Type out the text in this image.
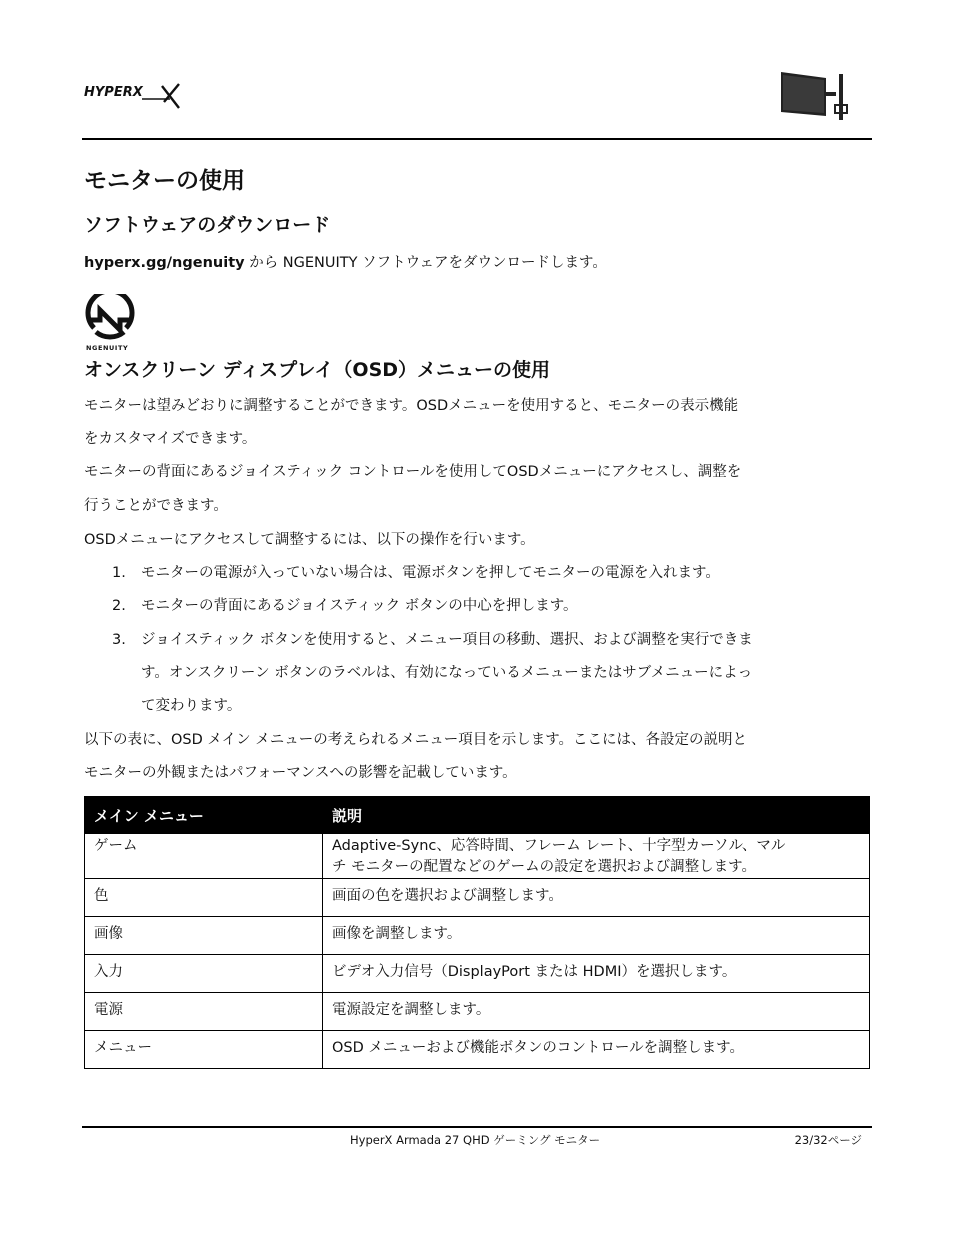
HYPERX
モニターの使用
ソフトウェアのダウンロード

hyperx.gg/ngenuity から NGENUITY ソフトウェアをダウンロードします。

NGENUITY
オンスクリーン ディスプレイ（OSD）メニューの使用

モニターは望みどおりに調整することができます。OSDメニューを使用すると、モニターの表示機能

をカスタマイズできます。

モニターの背面にあるジョイスティック コントロールを使用してOSDメニューにアクセスし、調整を

行うことができます。

OSDメニューにアクセスして調整するには、以下の操作を行います。

1. モニターの電源が入っていない場合は、電源ボタンを押してモニターの電源を入れます。
2. モニターの背面にあるジョイスティック ボタンの中心を押します。
3. ジョイスティック ボタンを使用すると、メニュー項目の移動、選択、および調整を実行できま
す。オンスクリーン ボタンのラベルは、有効になっているメニューまたはサブメニューによっ
て変わります。

以下の表に、OSD メイン メニューの考えられるメニュー項目を示します。ここには、各設定の説明と

モニターの外観またはパフォーマンスへの影響を記載しています。

メイン メニュー	説明
ゲーム	Adaptive-Sync、応答時間、フレーム レート、十字型カーソル、マル
チ モニターの配置などのゲームの設定を選択および調整します。

色	画面の色を選択および調整します。
画像	画像を調整します。
入力	ビデオ入力信号（DisplayPort または HDMI）を選択します。
電源	電源設定を調整します。
メニュー	OSD メニューおよび機能ボタンのコントロールを調整します。
HyperX Armada 27 QHD ゲーミング モニター	23/32ページ
